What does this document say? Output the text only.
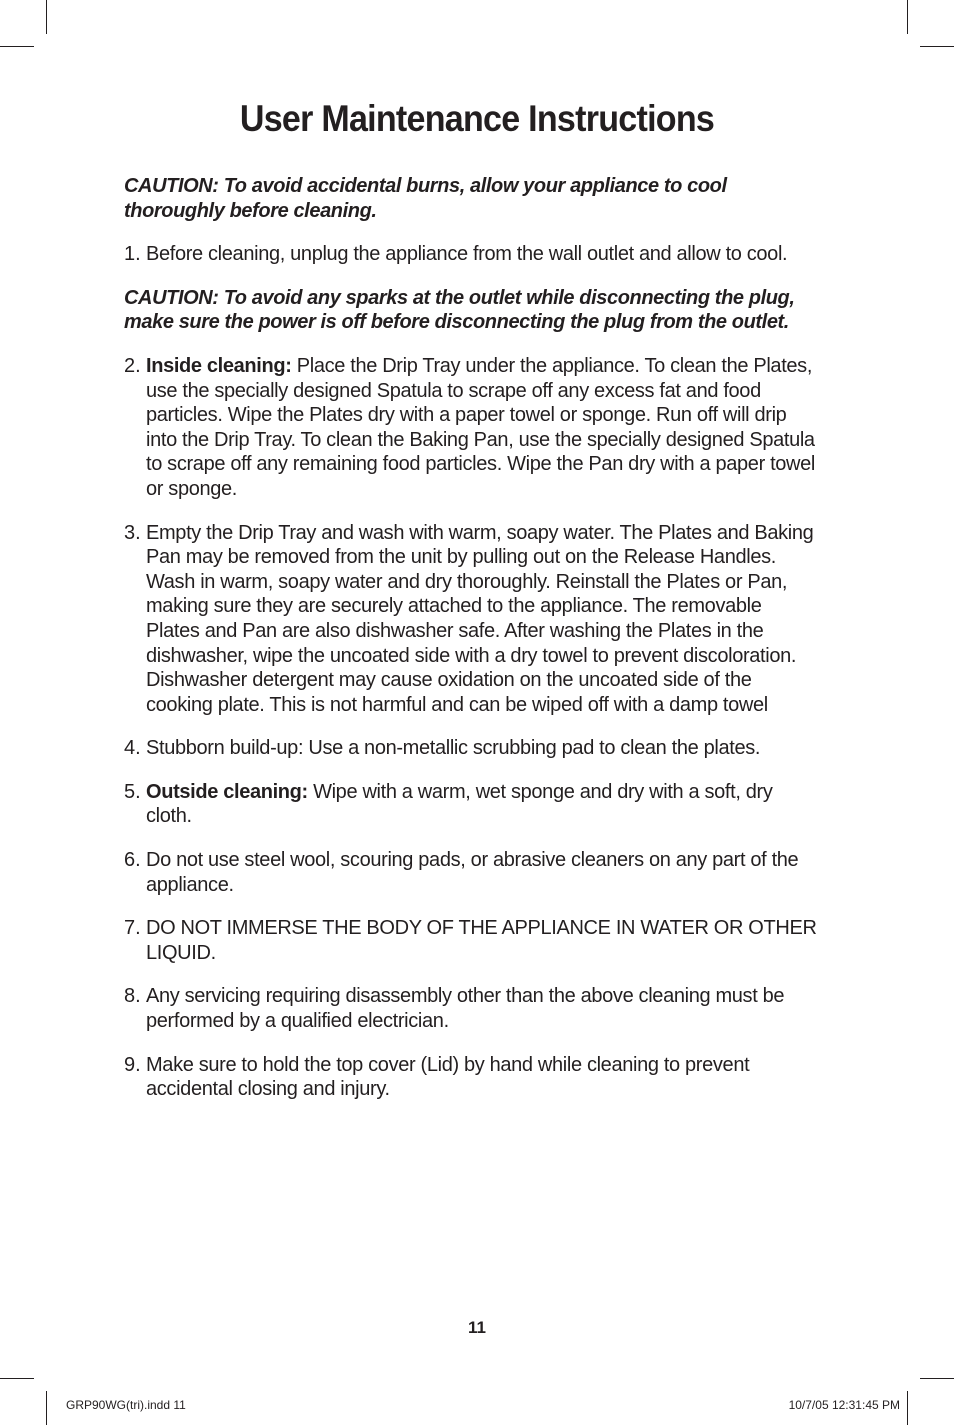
User Maintenance Instructions

CAUTION: To avoid accidental burns, allow your appliance to cool thoroughly before cleaning.

1. Before cleaning, unplug the appliance from the wall outlet and allow to cool.

CAUTION: To avoid any sparks at the outlet while disconnecting the plug, make sure the power is off before disconnecting the plug from the outlet.

2. Inside cleaning: Place the Drip Tray under the appliance. To clean the Plates, use the specially designed Spatula to scrape off any excess fat and food particles. Wipe the Plates dry with a paper towel or sponge. Run off will drip into the Drip Tray. To clean the Baking Pan, use the specially designed Spatula to scrape off any remaining food particles. Wipe the Pan dry with a paper towel or sponge.
3. Empty the Drip Tray and wash with warm, soapy water. The Plates and Baking Pan may be removed from the unit by pulling out on the Release Handles. Wash in warm, soapy water and dry thoroughly. Reinstall the Plates or Pan, making sure they are securely attached to the appliance. The removable Plates and Pan are also dishwasher safe. After washing the Plates in the dishwasher, wipe the uncoated side with a dry towel to prevent discoloration. Dishwasher detergent may cause oxidation on the uncoated side of the cooking plate. This is not harmful and can be wiped off with a damp towel
4. Stubborn build-up: Use a non-metallic scrubbing pad to clean the plates.
5. Outside cleaning: Wipe with a warm, wet sponge and dry with a soft, dry cloth.
6. Do not use steel wool, scouring pads, or abrasive cleaners on any part of the appliance.
7. DO NOT IMMERSE THE BODY OF THE APPLIANCE IN WATER OR OTHER LIQUID.
8. Any servicing requiring disassembly other than the above cleaning must be performed by a qualified electrician.
9. Make sure to hold the top cover (Lid) by hand while cleaning to prevent accidental closing and injury.
11
GRP90WG(tri).indd 11	10/7/05 12:31:45 PM
